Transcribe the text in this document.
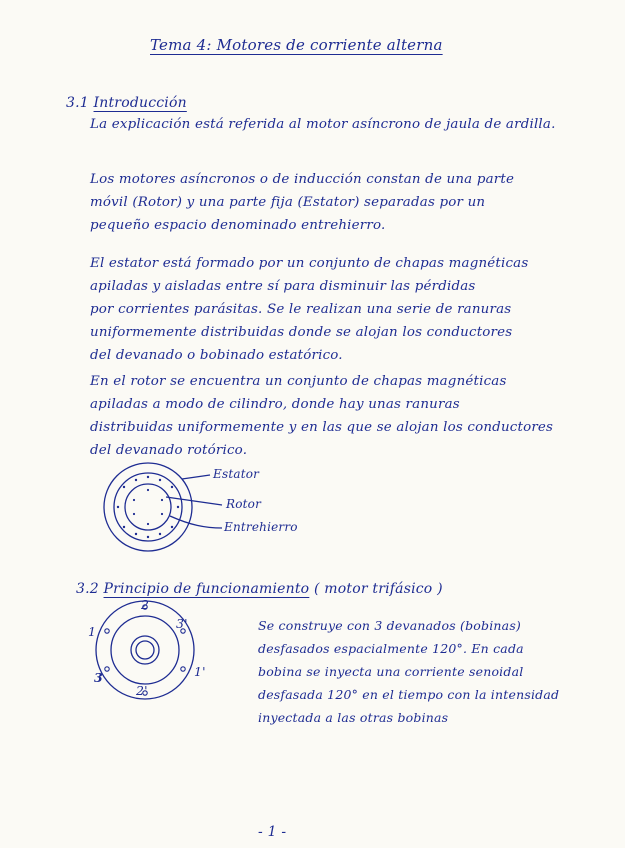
Tema 4: Motores de corriente alterna
3.1 Introducción
La explicación está referida al motor asíncrono de jaula de ardilla.
Los motores asíncronos o de inducción constan de una parte
móvil (Rotor) y una parte fija (Estator) separadas por un
pequeño espacio denominado entrehierro.
El estator está formado por un conjunto de chapas magnéticas
apiladas y aisladas entre sí para disminuir las pérdidas
por corrientes parásitas. Se le realizan una serie de ranuras
uniformemente distribuidas donde se alojan los conductores
del devanado o bobinado estatórico.
En el rotor se encuentra un conjunto de chapas magnéticas
apiladas a modo de cilindro, donde hay unas ranuras
distribuidas uniformemente y en las que se alojan los conductores
del devanado rotórico.
Estator
Rotor
Entrehierro
3.2 Principio de funcionamiento ( motor trifásico )
1
2
3	1'
2'
3'	Se construye con 3 devanados (bobinas)
desfasados espacialmente 120°. En cada
bobina se inyecta una corriente senoidal
desfasada 120° en el tiempo con la intensidad
inyectada a las otras bobinas
- 1 -
